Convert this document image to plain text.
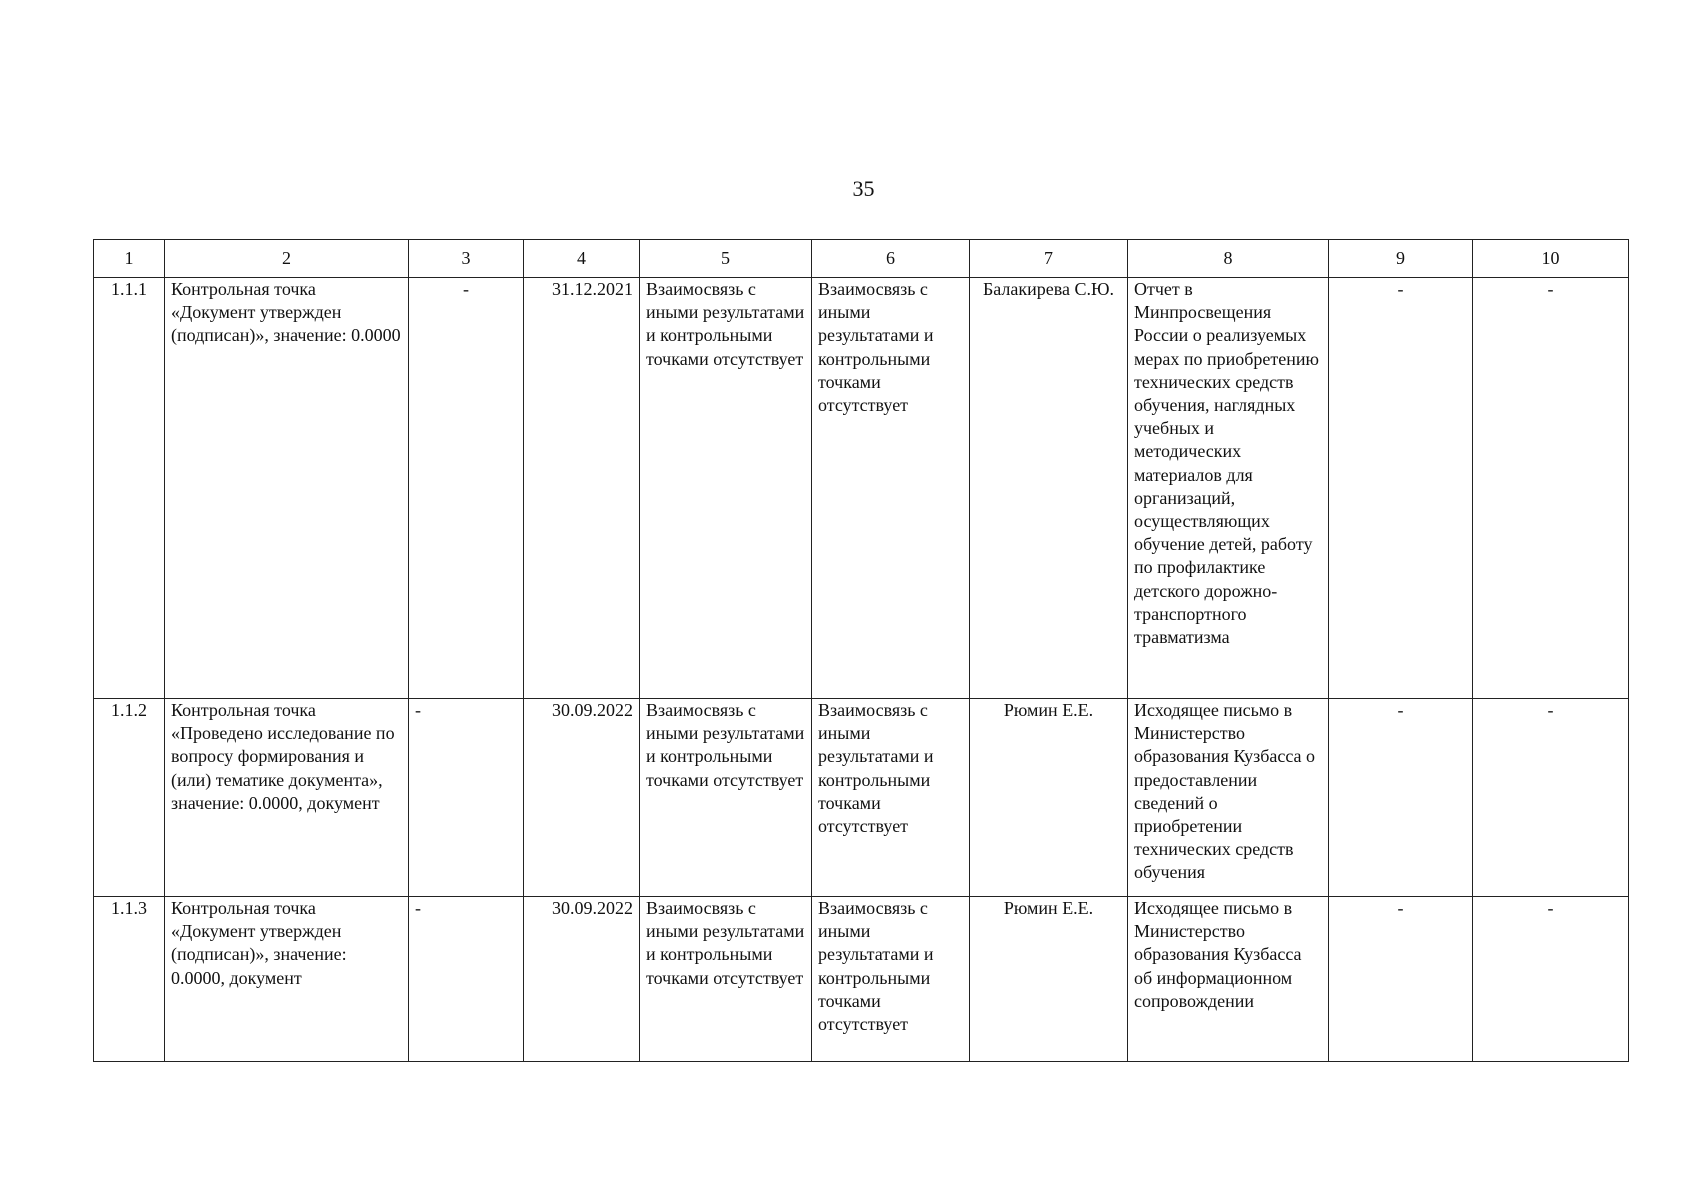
35
1	2	3	4	5	6	7	8	9	10
1.1.1	Контрольная точка «Документ утвержден (подписан)», значение: 0.0000	-	31.12.2021	Взаимосвязь с иными результатами и контрольными точками отсутствует	Взаимосвязь с иными результатами и контрольными точками отсутствует	Балакирева С.Ю.	Отчет в Минпросвещения России о реализуемых мерах по приобретению технических средств обучения, наглядных учебных и методических материалов для организаций, осуществляющих обучение детей, работу по профилактике детского дорожно-транспортного травматизма	-	-
1.1.2	Контрольная точка «Проведено исследование по вопросу формирования и (или) тематике документа», значение: 0.0000, документ	-	30.09.2022	Взаимосвязь с иными результатами и контрольными точками отсутствует	Взаимосвязь с иными результатами и контрольными точками отсутствует	Рюмин Е.Е.	Исходящее письмо в Министерство образования Кузбасса о предоставлении сведений о приобретении технических средств обучения	-	-
1.1.3	Контрольная точка «Документ утвержден (подписан)», значение: 0.0000, документ	-	30.09.2022	Взаимосвязь с иными результатами и контрольными точками отсутствует	Взаимосвязь с иными результатами и контрольными точками отсутствует	Рюмин Е.Е.	Исходящее письмо в Министерство образования Кузбасса об информационном сопровождении	-	-
